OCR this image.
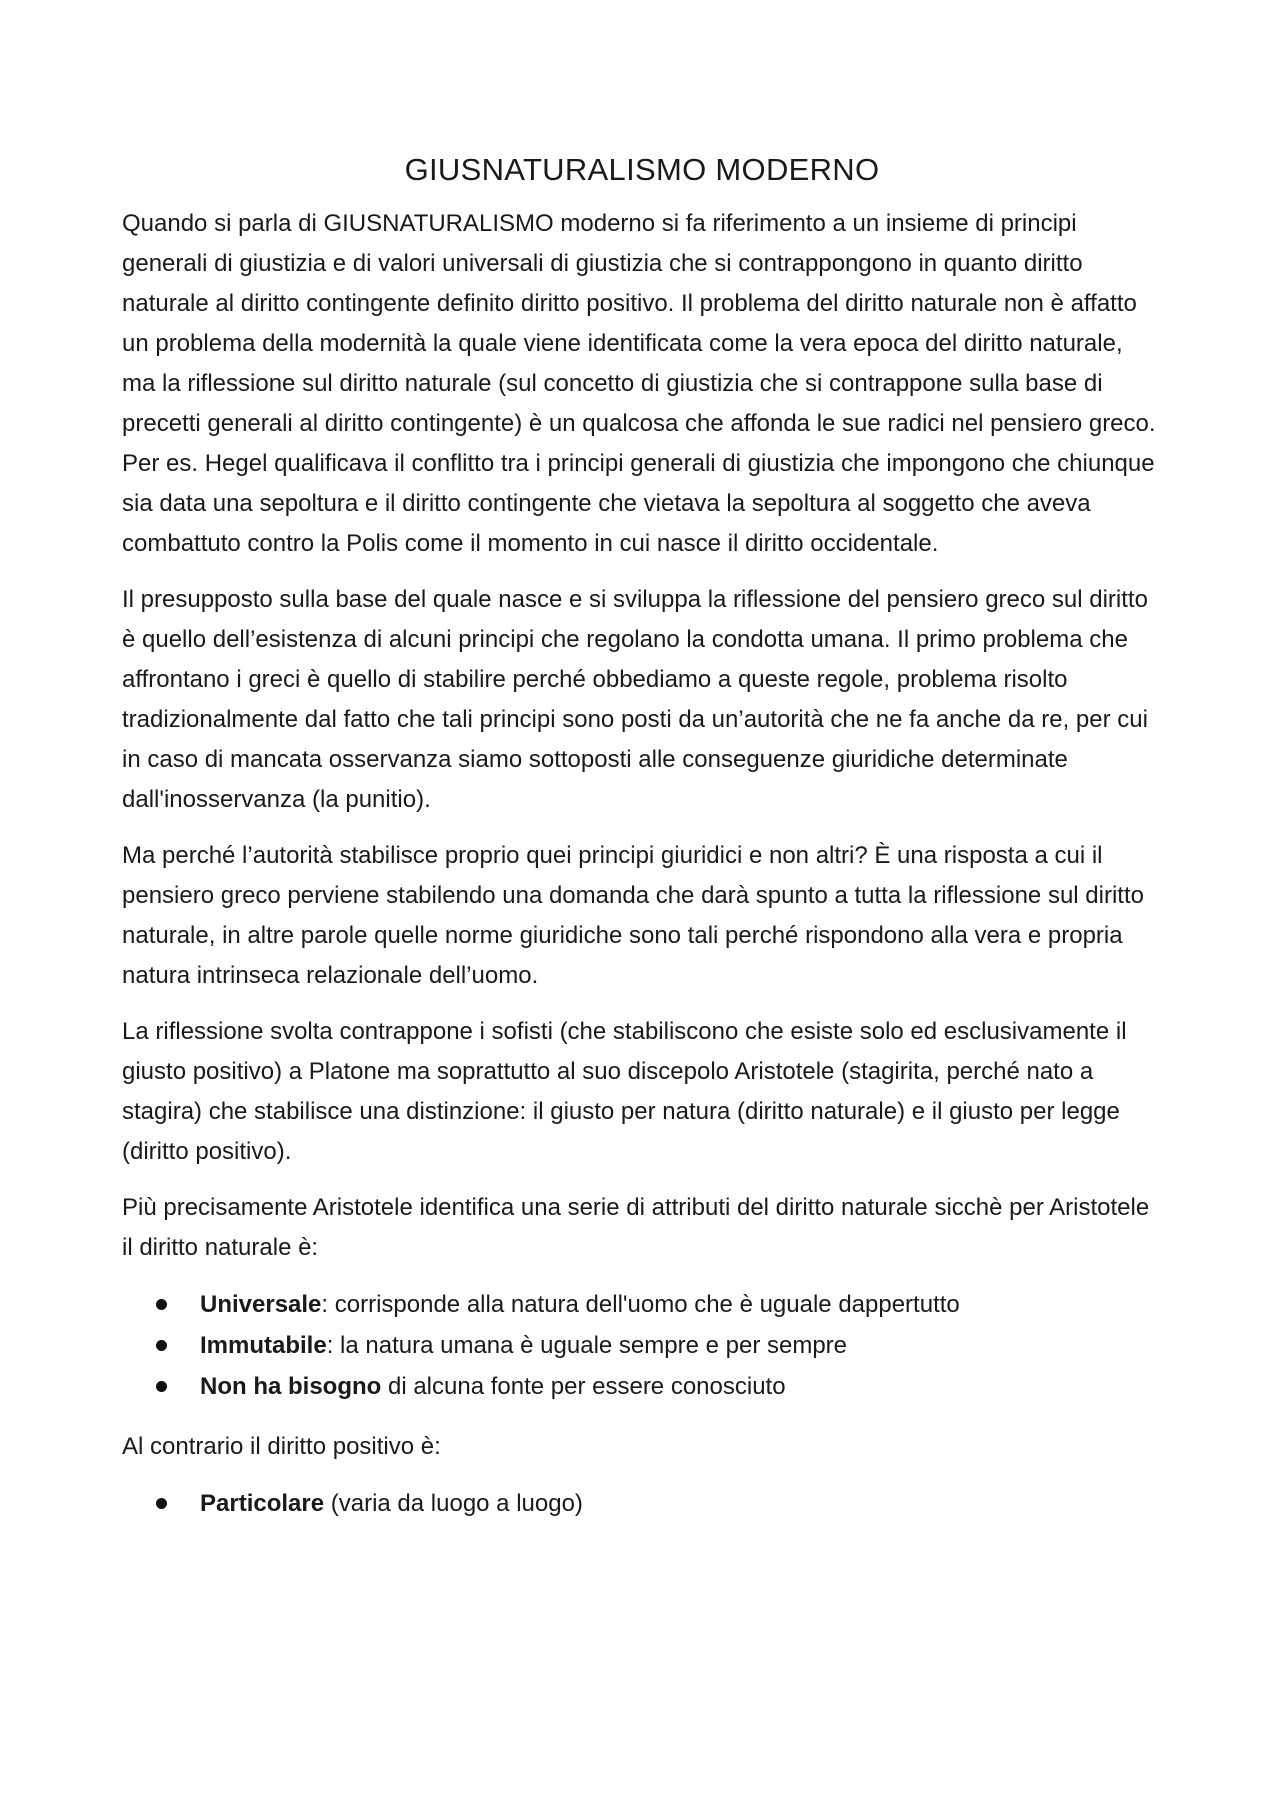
GIUSNATURALISMO MODERNO

Quando si parla di GIUSNATURALISMO moderno si fa riferimento a un insieme di principi generali di giustizia e di valori universali di giustizia che si contrappongono in quanto diritto naturale al diritto contingente definito diritto positivo. Il problema del diritto naturale non è affatto un problema della modernità la quale viene identificata come la vera epoca del diritto naturale, ma la riflessione sul diritto naturale (sul concetto di giustizia che si contrappone sulla base di precetti generali al diritto contingente) è un qualcosa che affonda le sue radici nel pensiero greco. Per es. Hegel qualificava il conflitto tra i principi generali di giustizia che impongono che chiunque sia data una sepoltura e il diritto contingente che vietava la sepoltura al soggetto che aveva combattuto contro la Polis come il momento in cui nasce il diritto occidentale.

Il presupposto sulla base del quale nasce e si sviluppa la riflessione del pensiero greco sul diritto è quello dell’esistenza di alcuni principi che regolano la condotta umana. Il primo problema che affrontano i greci è quello di stabilire perché obbediamo a queste regole, problema risolto tradizionalmente dal fatto che tali principi sono posti da un’autorità che ne fa anche da re, per cui in caso di mancata osservanza siamo sottoposti alle conseguenze giuridiche determinate dall'inosservanza (la punitio).

Ma perché l’autorità stabilisce proprio quei principi giuridici e non altri? È una risposta a cui il pensiero greco perviene stabilendo una domanda che darà spunto a tutta la riflessione sul diritto naturale, in altre parole quelle norme giuridiche sono tali perché rispondono alla vera e propria natura intrinseca relazionale dell’uomo.

La riflessione svolta contrappone i sofisti (che stabiliscono che esiste solo ed esclusivamente il giusto positivo) a Platone ma soprattutto al suo discepolo Aristotele (stagirita, perché nato a stagira) che stabilisce una distinzione: il giusto per natura (diritto naturale) e il giusto per legge (diritto positivo).

Più precisamente Aristotele identifica una serie di attributi del diritto naturale sicchè per Aristotele il diritto naturale è:

Universale: corrisponde alla natura dell'uomo che è uguale dappertutto
Immutabile: la natura umana è uguale sempre e per sempre
Non ha bisogno di alcuna fonte per essere conosciuto

Al contrario il diritto positivo è:

Particolare (varia da luogo a luogo)
